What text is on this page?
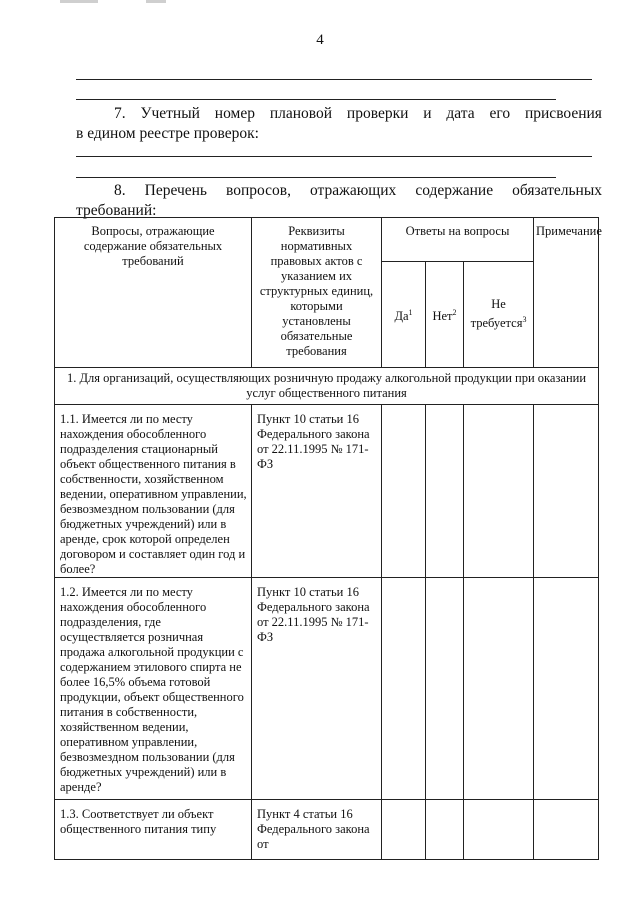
4
7. Учетный номер плановой проверки и дата его присвоения
в едином реестре проверок:
8. Перечень вопросов, отражающих содержание обязательных
требований:
Вопросы, отражающие содержание обязательных требований	Реквизиты нормативных правовых актов с указанием их структурных единиц, которыми установлены обязательные требования	Ответы на вопросы			Примечание
		$Да^1$	Нет$^2$	Не требуется$^3$
1. Для организаций, осуществляющих розничную продажу алкогольной продукции при оказании услуг общественного питания					
1.1. Имеется ли по месту нахождения обособленного подразделения стационарный объект общественного питания в собственности, хозяйственном ведении, оперативном управлении, безвозмездном пользовании (для бюджетных учреждений) или в аренде, срок которой определен договором и составляет один год и более?	Пункт 10 статьи 16 Федерального закона от 22.11.1995 № 171-ФЗ				
1.2. Имеется ли по месту нахождения обособленного подразделения, где осуществляется розничная продажа алкогольной продукции с содержанием этилового спирта не более 16,5% объема готовой продукции, объект общественного питания в собственности, хозяйственном ведении, оперативном управлении, безвозмездном пользовании (для бюджетных учреждений) или в аренде?	Пункт 10 статьи 16 Федерального закона от 22.11.1995 № 171-ФЗ				
1.3. Соответствует ли объект общественного питания типу	Пункт 4 статьи 16 Федерального закона от				
